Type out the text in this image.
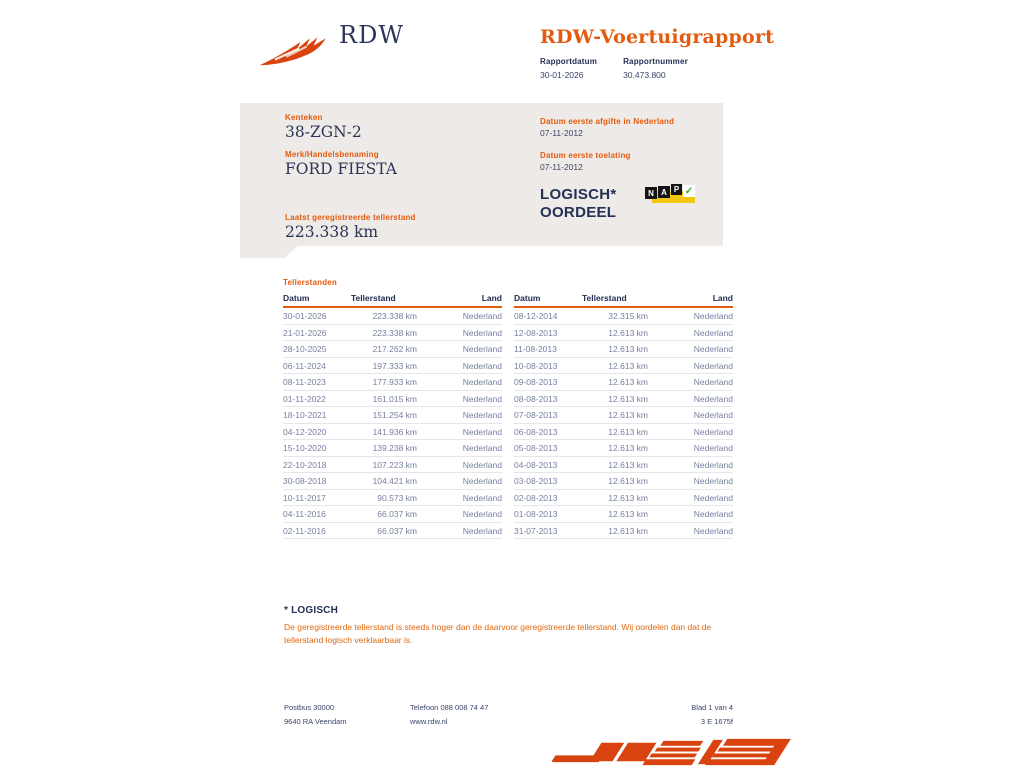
RDW	RDW-Voertuigrapport
Rapportdatum
30-01-2026
Rapportnummer
30.473.800
Kenteken
38-ZGN-2
Merk/Handelsbenaming
FORD FIESTA
Laatst geregistreerde tellerstand
223.338 km
Datum eerste afgifte in Nederland
07-11-2012
Datum eerste toelating
07-11-2012
LOGISCH*
OORDEEL
N A P ✓
Tellerstanden
Datum	Tellerstand	Land
30-01-2026	223.338 km	Nederland
21-01-2026	223.338 km	Nederland
28-10-2025	217.262 km	Nederland
06-11-2024	197.333 km	Nederland
08-11-2023	177.933 km	Nederland
01-11-2022	161.015 km	Nederland
18-10-2021	151.254 km	Nederland
04-12-2020	141.936 km	Nederland
15-10-2020	139.238 km	Nederland
22-10-2018	107.223 km	Nederland
30-08-2018	104.421 km	Nederland
10-11-2017	90.573 km	Nederland
04-11-2016	66.037 km	Nederland
02-11-2016	66.037 km	Nederland
Datum	Tellerstand	Land
08-12-2014	32.315 km	Nederland
12-08-2013	12.613 km	Nederland
11-08-2013	12.613 km	Nederland
10-08-2013	12.613 km	Nederland
09-08-2013	12.613 km	Nederland
08-08-2013	12.613 km	Nederland
07-08-2013	12.613 km	Nederland
06-08-2013	12.613 km	Nederland
05-08-2013	12.613 km	Nederland
04-08-2013	12.613 km	Nederland
03-08-2013	12.613 km	Nederland
02-08-2013	12.613 km	Nederland
01-08-2013	12.613 km	Nederland
31-07-2013	12.613 km	Nederland
* LOGISCH
De geregistreerde tellerstand is steeds hoger dan de daarvoor geregistreerde tellerstand. Wij oordelen dan dat de tellerstand logisch verklaarbaar is.
Postbus 30000
9640 RA Veendam
Telefoon 088 008 74 47
www.rdw.nl
Blad 1 van 4
3 E 1675f
